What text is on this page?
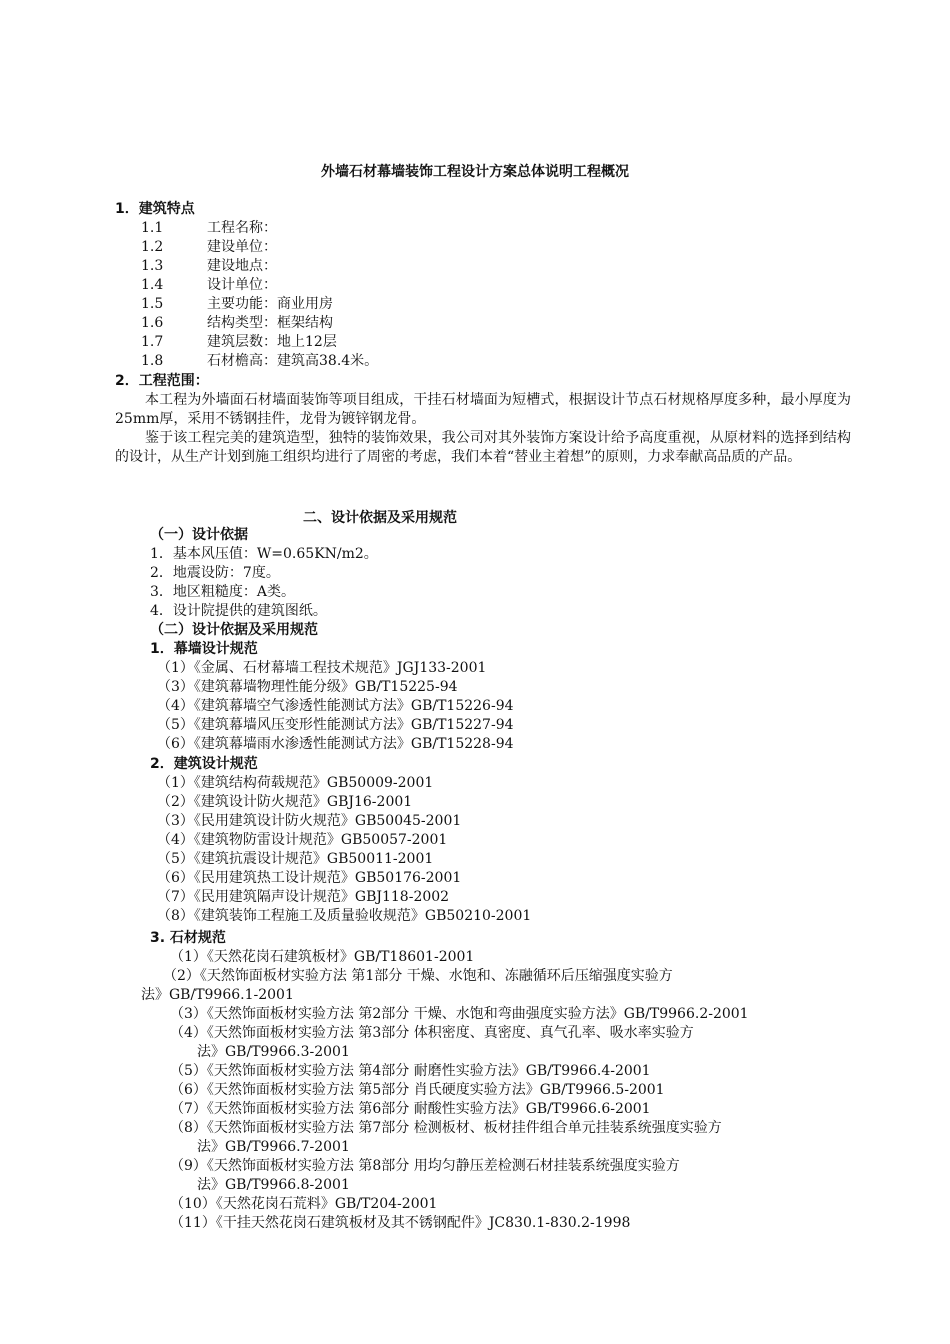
外墙石材幕墙装饰工程设计方案总体说明工程概况
1．建筑特点
1.1	工程名称：
1.2	建设单位：
1.3	建设地点：
1.4	设计单位：
1.5	主要功能：商业用房
1.6	结构类型：框架结构
1.7	建筑层数：地上12层
1.8	石材檐高：建筑高38.4米。
2．工程范围：
本工程为外墙面石材墙面装饰等项目组成，干挂石材墙面为短槽式，根据设计节点石材规格厚度多种，最小厚度为25mm厚，采用不锈钢挂件，龙骨为镀锌钢龙骨。
鉴于该工程完美的建筑造型，独特的装饰效果，我公司对其外装饰方案设计给予高度重视，从原材料的选择到结构的设计，从生产计划到施工组织均进行了周密的考虑，我们本着“替业主着想”的原则，力求奉献高品质的产品。
二、设计依据及采用规范
（一）设计依据
1．基本风压值：W=0.65KN/m2。
2．地震设防：7度。
3．地区粗糙度：A类。
4．设计院提供的建筑图纸。
（二）设计依据及采用规范
1．幕墙设计规范
（1）《金属、石材幕墙工程技术规范》JGJ133-2001
（3）《建筑幕墙物理性能分级》GB/T15225-94
（4）《建筑幕墙空气渗透性能测试方法》GB/T15226-94
（5）《建筑幕墙风压变形性能测试方法》GB/T15227-94
（6）《建筑幕墙雨水渗透性能测试方法》GB/T15228-94
2．建筑设计规范
（1）《建筑结构荷载规范》GB50009-2001
（2）《建筑设计防火规范》GBJ16-2001
（3）《民用建筑设计防火规范》GB50045-2001
（4）《建筑物防雷设计规范》GB50057-2001
（5）《建筑抗震设计规范》GB50011-2001
（6）《民用建筑热工设计规范》GB50176-2001
（7）《民用建筑隔声设计规范》GBJ118-2002
（8）《建筑装饰工程施工及质量验收规范》GB50210-2001
3. 石材规范
（1）《天然花岗石建筑板材》GB/T18601-2001
（2）《天然饰面板材实验方法 第1部分 干燥、水饱和、冻融循环后压缩强度实验方
法》GB/T9966.1-2001
（3）《天然饰面板材实验方法 第2部分 干燥、水饱和弯曲强度实验方法》GB/T9966.2-2001
（4）《天然饰面板材实验方法 第3部分 体积密度、真密度、真气孔率、吸水率实验方
法》GB/T9966.3-2001
（5）《天然饰面板材实验方法 第4部分 耐磨性实验方法》GB/T9966.4-2001
（6）《天然饰面板材实验方法 第5部分 肖氏硬度实验方法》GB/T9966.5-2001
（7）《天然饰面板材实验方法 第6部分 耐酸性实验方法》GB/T9966.6-2001
（8）《天然饰面板材实验方法 第7部分 检测板材、板材挂件组合单元挂装系统强度实验方
法》GB/T9966.7-2001
（9）《天然饰面板材实验方法 第8部分 用均匀静压差检测石材挂装系统强度实验方
法》GB/T9966.8-2001
（10）《天然花岗石荒料》GB/T204-2001
（11）《干挂天然花岗石建筑板材及其不锈钢配件》JC830.1-830.2-1998
